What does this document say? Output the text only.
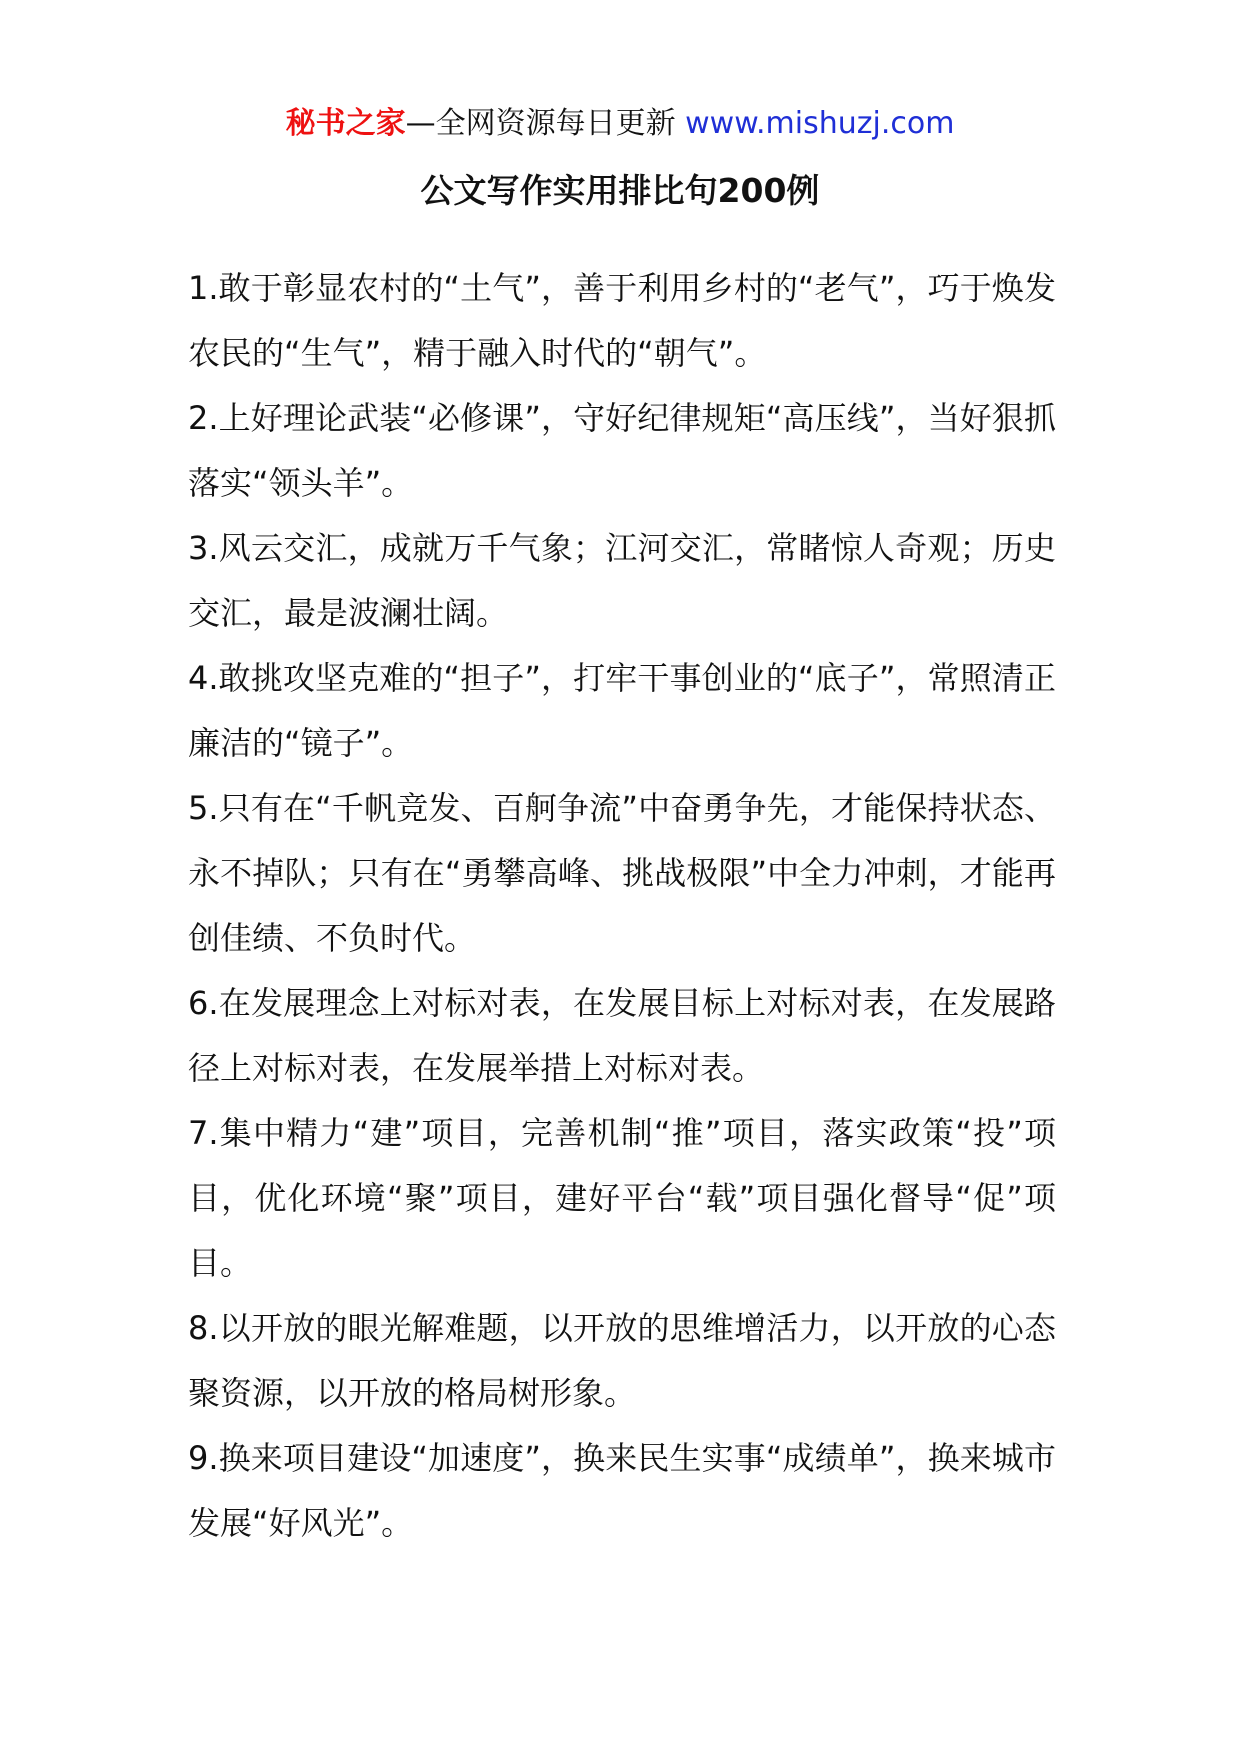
秘书之家—全网资源每日更新 www.mishuzj.com
公文写作实用排比句200例

1.敢于彰显农村的“土气”，善于利用乡村的“老气”，巧于焕发农民的“生气”，精于融入时代的“朝气”。

2.上好理论武装“必修课”，守好纪律规矩“高压线”，当好狠抓落实“领头羊”。

3.风云交汇，成就万千气象；江河交汇，常睹惊人奇观；历史交汇，最是波澜壮阔。

4.敢挑攻坚克难的“担子”，打牢干事创业的“底子”，常照清正廉洁的“镜子”。

5.只有在“千帆竞发、百舸争流”中奋勇争先，才能保持状态、永不掉队；只有在“勇攀高峰、挑战极限”中全力冲刺，才能再创佳绩、不负时代。

6.在发展理念上对标对表，在发展目标上对标对表，在发展路径上对标对表，在发展举措上对标对表。

7.集中精力“建”项目，完善机制“推”项目，落实政策“投”项目，优化环境“聚”项目，建好平台“载”项目强化督导“促”项目。

8.以开放的眼光解难题，以开放的思维增活力，以开放的心态聚资源，以开放的格局树形象。

9.换来项目建设“加速度”，换来民生实事“成绩单”，换来城市发展“好风光”。
